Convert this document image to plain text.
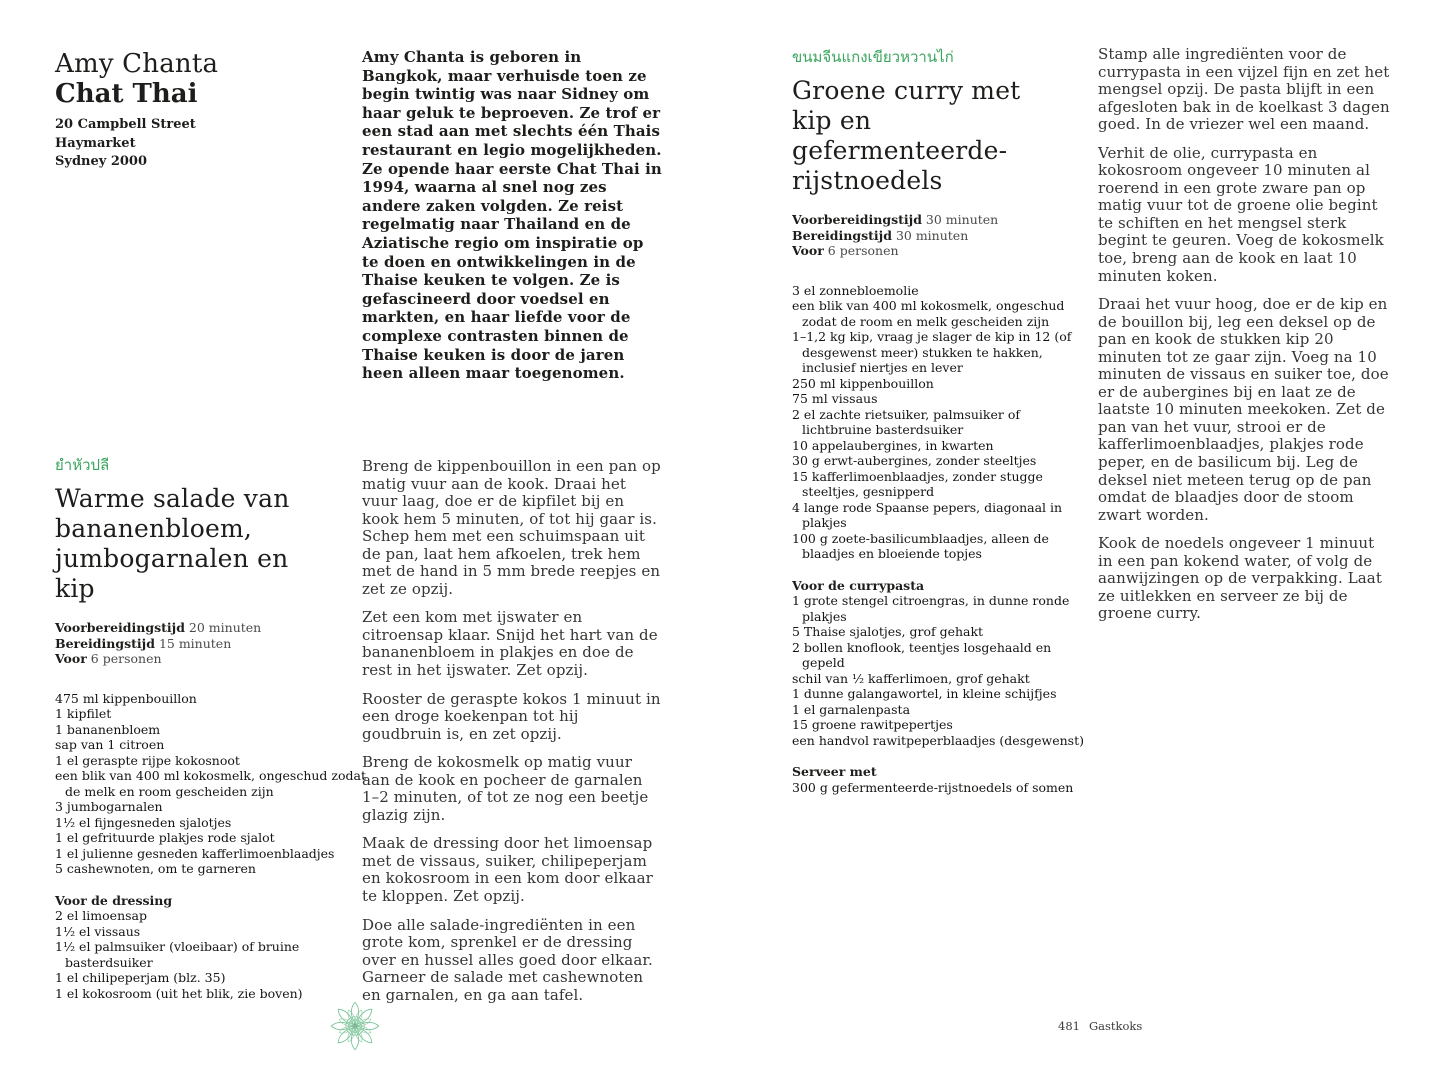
Amy Chanta
Chat Thai
20 Campbell Street
Haymarket
Sydney 2000
Amy Chanta is geboren in Bangkok, maar verhuisde toen ze begin twintig was naar Sidney om haar geluk te beproeven. Ze trof er een stad aan met slechts één Thais restaurant en legio mogelijkheden. Ze opende haar eerste Chat Thai in 1994, waarna al snel nog zes andere zaken volgden. Ze reist regelmatig naar Thailand en de Aziatische regio om inspiratie op te doen en ontwikkelingen in de Thaise keuken te volgen. Ze is gefascineerd door voedsel en markten, en haar liefde voor de complexe contrasten binnen de Thaise keuken is door de jaren heen alleen maar toegenomen.
ยำหัวปลี
Warme salade van bananenbloem, jumbogarnalen en kip
Voorbereidingstijd 20 minuten
Bereidingstijd 15 minuten
Voor 6 personen
475 ml kippenbouillon
1 kipfilet
1 bananenbloem
sap van 1 citroen
1 el geraspte rijpe kokosnoot
een blik van 400 ml kokosmelk, ongeschud zodat de melk en room gescheiden zijn
3 jumbogarnalen
1½ el fijngesneden sjalotjes
1 el gefrituurde plakjes rode sjalot
1 el julienne gesneden kafferlimoenblaadjes
5 cashewnoten, om te garneren
Voor de dressing
2 el limoensap
1½ el vissaus
1½ el palmsuiker (vloeibaar) of bruine basterdsuiker
1 el chilipeperjam (blz. 35)
1 el kokosroom (uit het blik, zie boven)

Breng de kippenbouillon in een pan op matig vuur aan de kook. Draai het vuur laag, doe er de kipfilet bij en kook hem 5 minuten, of tot hij gaar is. Schep hem met een schuimspaan uit de pan, laat hem afkoelen, trek hem met de hand in 5 mm brede reepjes en zet ze opzij.

Zet een kom met ijswater en citroensap klaar. Snijd het hart van de bananenbloem in plakjes en doe de rest in het ijswater. Zet opzij.

Rooster de geraspte kokos 1 minuut in een droge koekenpan tot hij goudbruin is, en zet opzij.

Breng de kokosmelk op matig vuur aan de kook en pocheer de garnalen 1–2 minuten, of tot ze nog een beetje glazig zijn.

Maak de dressing door het limoensap met de vissaus, suiker, chilipeperjam en kokosroom in een kom door elkaar te kloppen. Zet opzij.

Doe alle salade-ingrediënten in een grote kom, sprenkel er de dressing over en hussel alles goed door elkaar. Garneer de salade met cashewnoten en garnalen, en ga aan tafel.

ขนมจีนแกงเขียวหวานไก่
Groene curry met kip en gefermenteerde-rijstnoedels
Voorbereidingstijd 30 minuten
Bereidingstijd 30 minuten
Voor 6 personen
3 el zonnebloemolie
een blik van 400 ml kokosmelk, ongeschud zodat de room en melk gescheiden zijn
1–1,2 kg kip, vraag je slager de kip in 12 (of desgewenst meer) stukken te hakken, inclusief niertjes en lever
250 ml kippenbouillon
75 ml vissaus
2 el zachte rietsuiker, palmsuiker of lichtbruine basterdsuiker
10 appelaubergines, in kwarten
30 g erwt-aubergines, zonder steeltjes
15 kafferlimoenblaadjes, zonder stugge steeltjes, gesnipperd
4 lange rode Spaanse pepers, diagonaal in plakjes
100 g zoete-basilicumblaadjes, alleen de blaadjes en bloeiende topjes
Voor de currypasta
1 grote stengel citroengras, in dunne ronde plakjes
5 Thaise sjalotjes, grof gehakt
2 bollen knoflook, teentjes losgehaald en gepeld
schil van ½ kafferlimoen, grof gehakt
1 dunne galangawortel, in kleine schijfjes
1 el garnalenpasta
15 groene rawitpepertjes
een handvol rawitpeperblaadjes (desgewenst)
Serveer met
300 g gefermenteerde-rijstnoedels of somen

Stamp alle ingrediënten voor de currypasta in een vijzel fijn en zet het mengsel opzij. De pasta blijft in een afgesloten bak in de koelkast 3 dagen goed. In de vriezer wel een maand.

Verhit de olie, currypasta en kokosroom ongeveer 10 minuten al roerend in een grote zware pan op matig vuur tot de groene olie begint te schiften en het mengsel sterk begint te geuren. Voeg de kokosmelk toe, breng aan de kook en laat 10 minuten koken.

Draai het vuur hoog, doe er de kip en de bouillon bij, leg een deksel op de pan en kook de stukken kip 20 minuten tot ze gaar zijn. Voeg na 10 minuten de vissaus en suiker toe, doe er de aubergines bij en laat ze de laatste 10 minuten meekoken. Zet de pan van het vuur, strooi er de kafferlimoenblaadjes, plakjes rode peper, en de basilicum bij. Leg de deksel niet meteen terug op de pan omdat de blaadjes door de stoom zwart worden.

Kook de noedels ongeveer 1 minuut in een pan kokend water, of volg de aanwijzingen op de verpakking. Laat ze uitlekken en serveer ze bij de groene curry.

481 Gastkoks
